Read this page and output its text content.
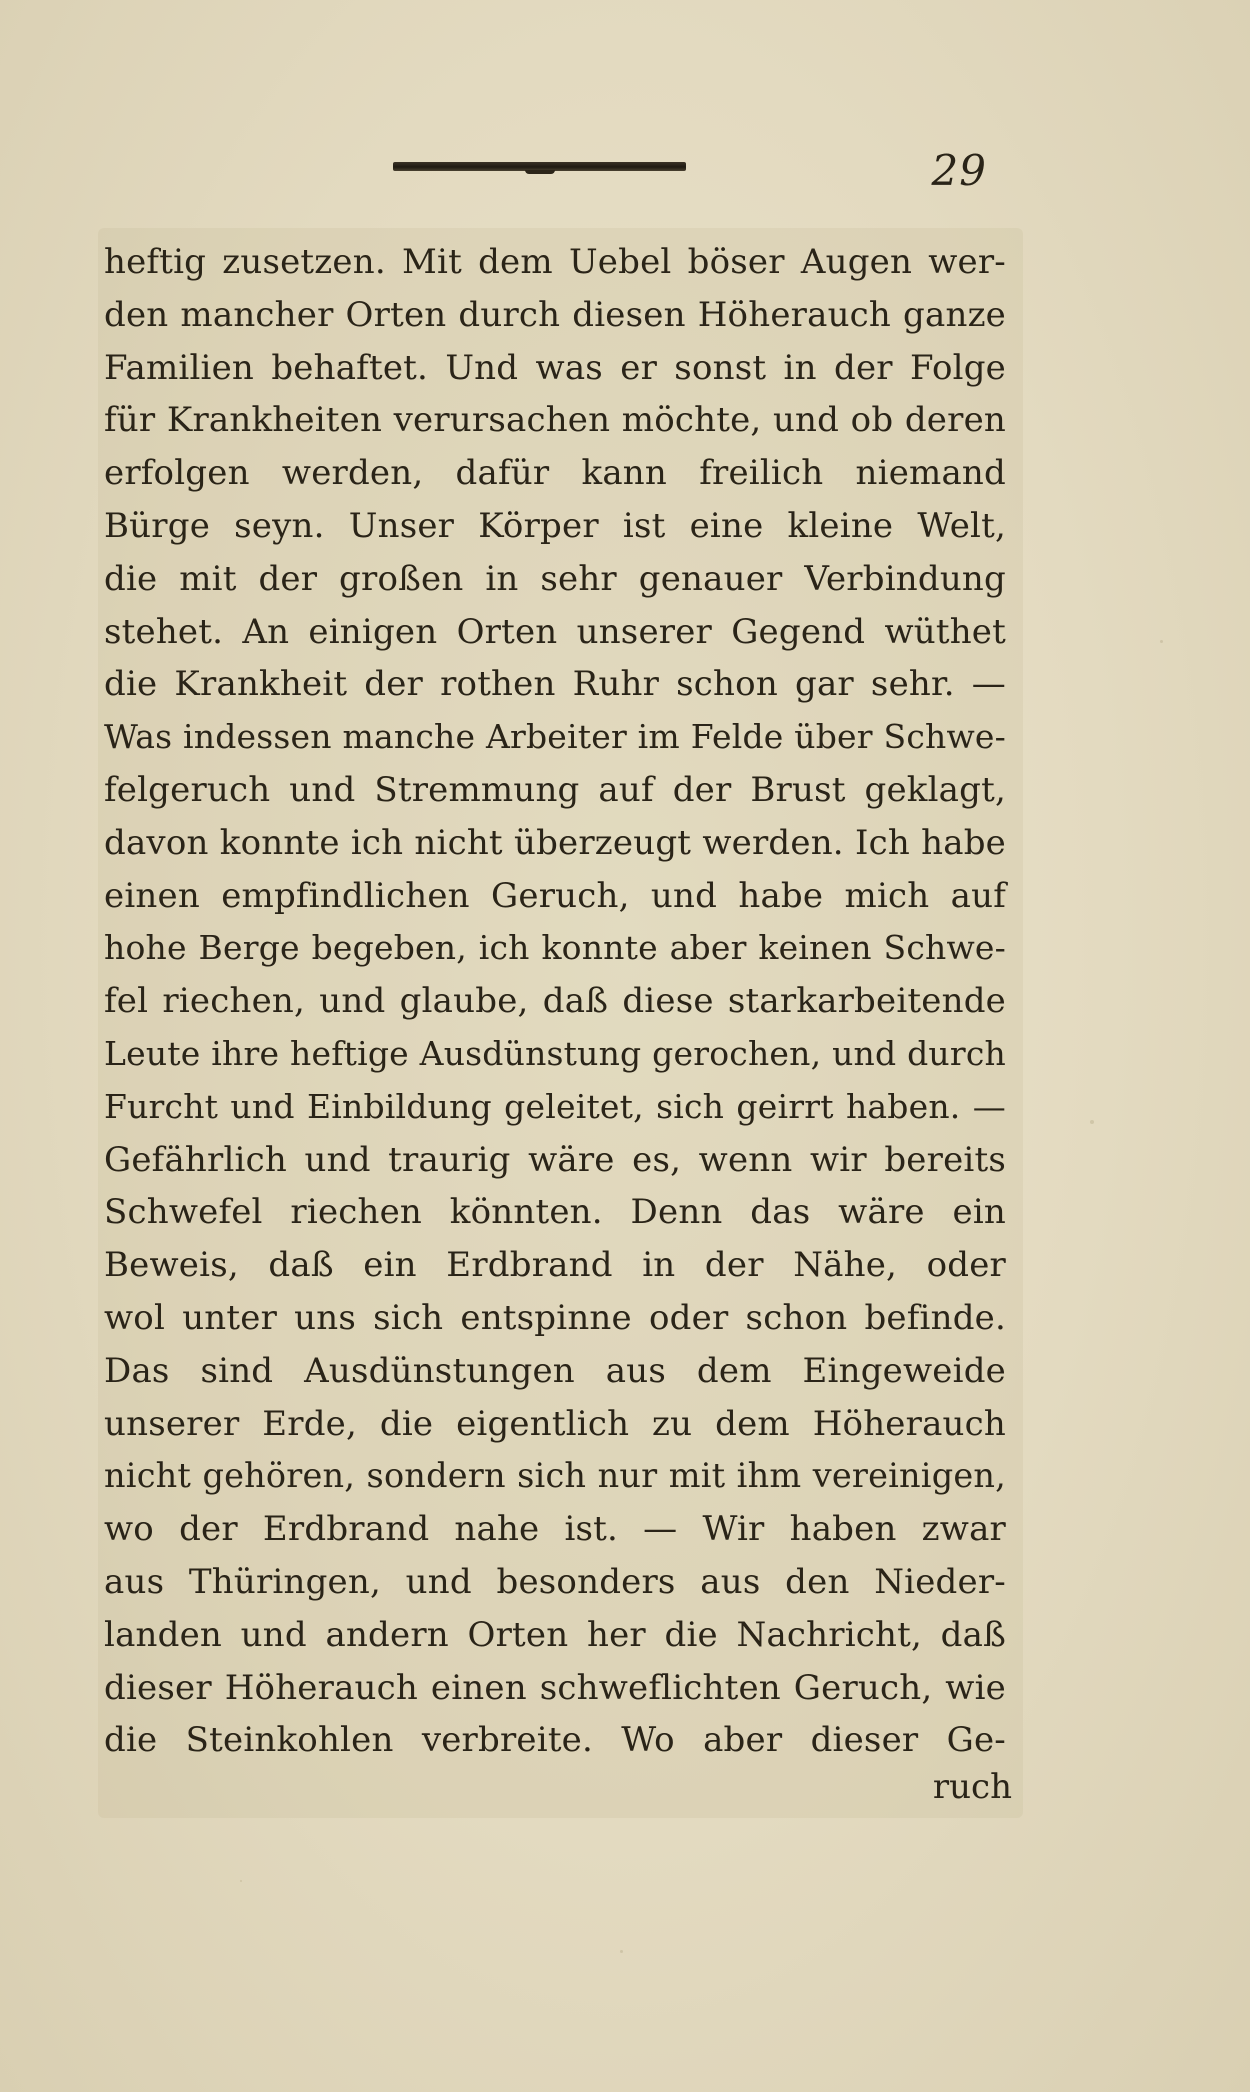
29
heftig zusetzen. Mit dem Uebel böser Augen wer-
den mancher Orten durch diesen Höherauch ganze
Familien behaftet. Und was er sonst in der Folge
für Krankheiten verursachen möchte, und ob deren
erfolgen werden, dafür kann freilich niemand
Bürge seyn. Unser Körper ist eine kleine Welt,
die mit der großen in sehr genauer Verbindung
stehet. An einigen Orten unserer Gegend wüthet
die Krankheit der rothen Ruhr schon gar sehr. —
Was indessen manche Arbeiter im Felde über Schwe-
felgeruch und Stremmung auf der Brust geklagt,
davon konnte ich nicht überzeugt werden. Ich habe
einen empfindlichen Geruch, und habe mich auf
hohe Berge begeben, ich konnte aber keinen Schwe-
fel riechen, und glaube, daß diese starkarbeitende
Leute ihre heftige Ausdünstung gerochen, und durch
Furcht und Einbildung geleitet, sich geirrt haben. —
Gefährlich und traurig wäre es, wenn wir bereits
Schwefel riechen könnten. Denn das wäre ein
Beweis, daß ein Erdbrand in der Nähe, oder
wol unter uns sich entspinne oder schon befinde.
Das sind Ausdünstungen aus dem Eingeweide
unserer Erde, die eigentlich zu dem Höherauch
nicht gehören, sondern sich nur mit ihm vereinigen,
wo der Erdbrand nahe ist. — Wir haben zwar
aus Thüringen, und besonders aus den Nieder-
landen und andern Orten her die Nachricht, daß
dieser Höherauch einen schweflichten Geruch, wie
die Steinkohlen verbreite. Wo aber dieser Ge-
ruch
